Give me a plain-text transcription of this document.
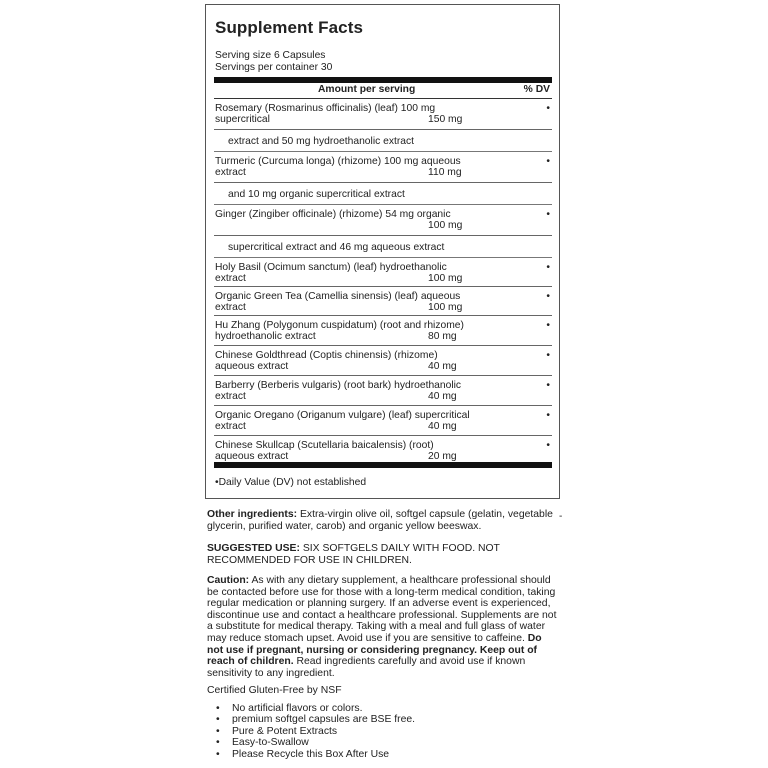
Supplement Facts
Serving size 6 Capsules
Servings per container 30
Amount per serving	% DV
Rosemary (Rosmarinus officinalis) (leaf) 100 mg
supercritical	150 mg
•
extract and 50 mg hydroethanolic extract
Turmeric (Curcuma longa) (rhizome) 100 mg aqueous
extract	110 mg
•
and 10 mg organic supercritical extract
Ginger (Zingiber officinale) (rhizome) 54 mg organic
100 mg
•
supercritical extract and 46 mg aqueous extract
Holy Basil (Ocimum sanctum) (leaf) hydroethanolic
extract	100 mg
•
Organic Green Tea (Camellia sinensis) (leaf) aqueous
extract	100 mg
•
Hu Zhang (Polygonum cuspidatum) (root and rhizome)
hydroethanolic extract	80 mg
•
Chinese Goldthread (Coptis chinensis) (rhizome)
aqueous extract	40 mg
•
Barberry (Berberis vulgaris) (root bark) hydroethanolic
extract	40 mg
•
Organic Oregano (Origanum vulgare) (leaf) supercritical
extract	40 mg
•
Chinese Skullcap (Scutellaria baicalensis) (root)
aqueous extract	20 mg
•
•Daily Value (DV) not established
Other ingredients: Extra-virgin olive oil, softgel capsule (gelatin, vegetable glycerin, purified water, carob) and organic yellow beeswax.
-
SUGGESTED USE: SIX SOFTGELS DAILY WITH FOOD. NOT RECOMMENDED FOR USE IN CHILDREN.
Caution: As with any dietary supplement, a healthcare professional should be contacted before use for those with a long-term medical condition, taking regular medication or planning surgery. If an adverse event is experienced, discontinue use and contact a healthcare professional. Supplements are not a substitute for medical therapy. Taking with a meal and full glass of water may reduce stomach upset. Avoid use if you are sensitive to caffeine. Do not use if pregnant, nursing or considering pregnancy. Keep out of reach of children. Read ingredients carefully and avoid use if known sensitivity to any ingredient.
Certified Gluten-Free by NSF
• No artificial flavors or colors.
• premium softgel capsules are BSE free.
• Pure & Potent Extracts
• Easy-to-Swallow
• Please Recycle this Box After Use
